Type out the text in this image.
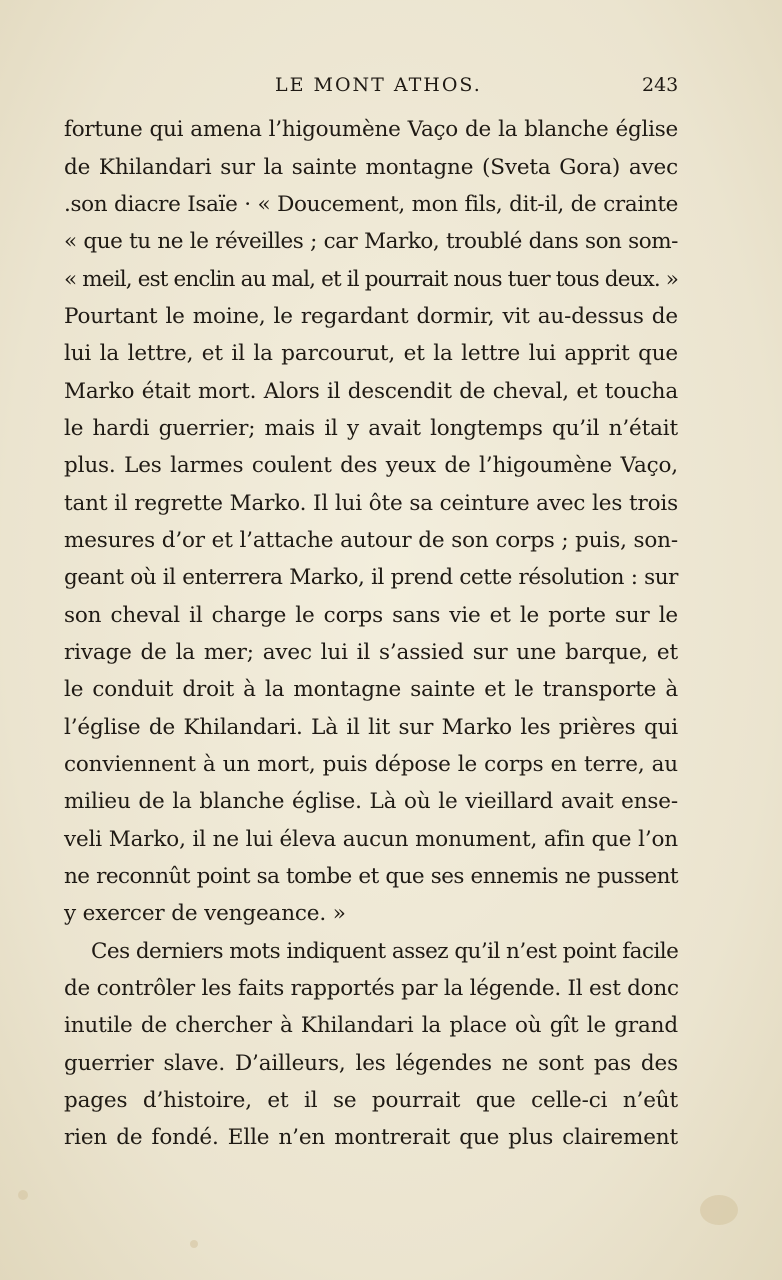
LE MONT ATHOS.	243
fortune qui amena l’higoumène Vaço de la blanche église
de Khilandari sur la sainte montagne (Sveta Gora) avec
.son diacre Isaïe · « Doucement, mon fils, dit-il, de crainte
« que tu ne le réveilles ; car Marko, troublé dans son som-
« meil, est enclin au mal, et il pourrait nous tuer tous deux. »
Pourtant le moine, le regardant dormir, vit au-dessus de
lui la lettre, et il la parcourut, et la lettre lui apprit que
Marko était mort. Alors il descendit de cheval, et toucha
le hardi guerrier; mais il y avait longtemps qu’il n’était
plus. Les larmes coulent des yeux de l’higoumène Vaço,
tant il regrette Marko. Il lui ôte sa ceinture avec les trois
mesures d’or et l’attache autour de son corps ; puis, son-
geant où il enterrera Marko, il prend cette résolution : sur
son cheval il charge le corps sans vie et le porte sur le
rivage de la mer; avec lui il s’assied sur une barque, et
le conduit droit à la montagne sainte et le transporte à
l’église de Khilandari. Là il lit sur Marko les prières qui
conviennent à un mort, puis dépose le corps en terre, au
milieu de la blanche église. Là où le vieillard avait ense-
veli Marko, il ne lui éleva aucun monument, afin que l’on
ne reconnût point sa tombe et que ses ennemis ne pussent
y exercer de vengeance. »
Ces derniers mots indiquent assez qu’il n’est point facile
de contrôler les faits rapportés par la légende. Il est donc
inutile de chercher à Khilandari la place où gît le grand
guerrier slave. D’ailleurs, les légendes ne sont pas des
pages d’histoire, et il se pourrait que celle-ci n’eût
rien de fondé. Elle n’en montrerait que plus clairement
